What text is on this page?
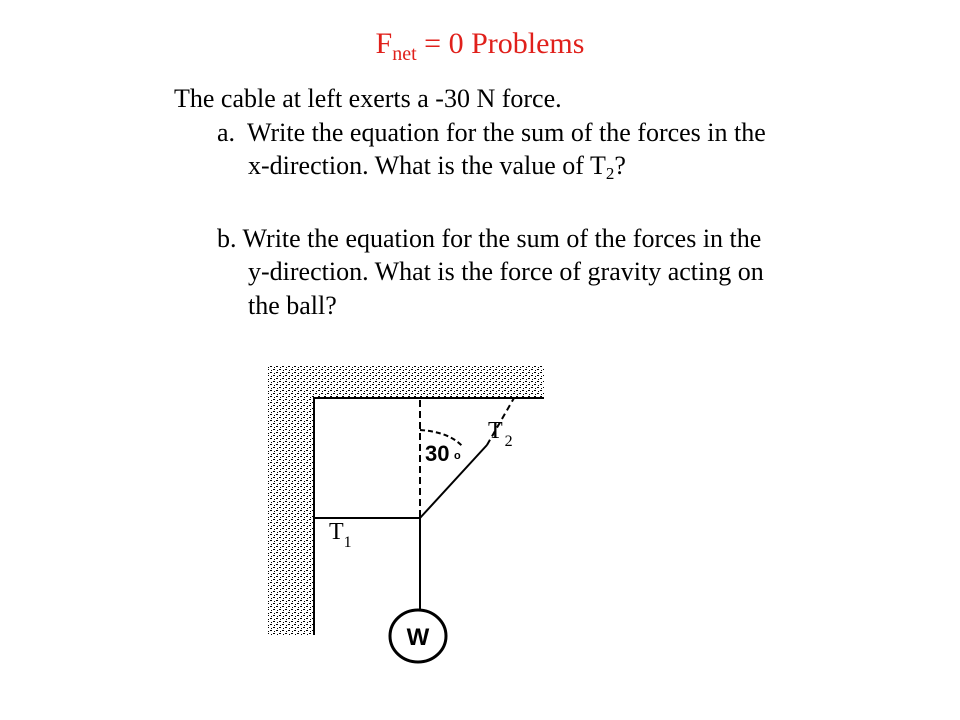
$F_{net} = 0$ Problems
The cable at left exerts a -30 N force.
a. Write the equation for the sum of the forces in the
x-direction. What is the value of $T_2$?
b. Write the equation for the sum of the forces in the
y-direction. What is the force of gravity acting on
the ball?
W
30 o
$T_1$
T $_2$
